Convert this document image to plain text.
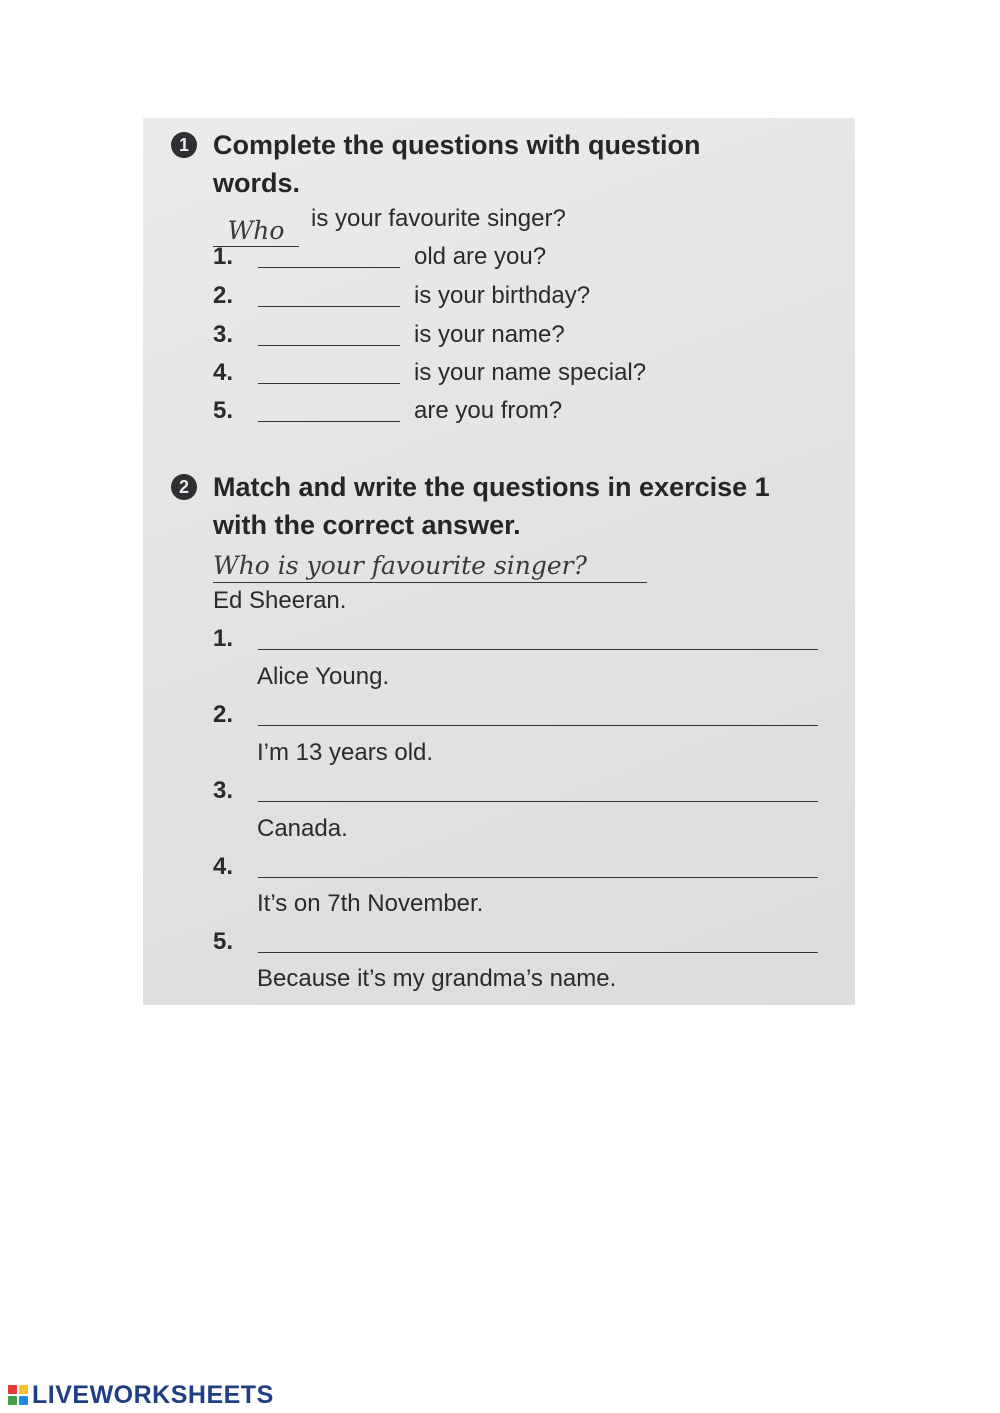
1 Complete the questions with question
words.
Who	is your favourite singer?
1.	old are you?
2.	is your birthday?
3.	is your name?
4.	is your name special?
5.	are you from?
2 Match and write the questions in exercise 1
with the correct answer.
Who is your favourite singer?
Ed Sheeran.
1.
Alice Young.
2.
I’m 13 years old.
3.
Canada.
4.
It’s on 7th November.
5.
Because it’s my grandma’s name.
LIVEWORKSHEETS
